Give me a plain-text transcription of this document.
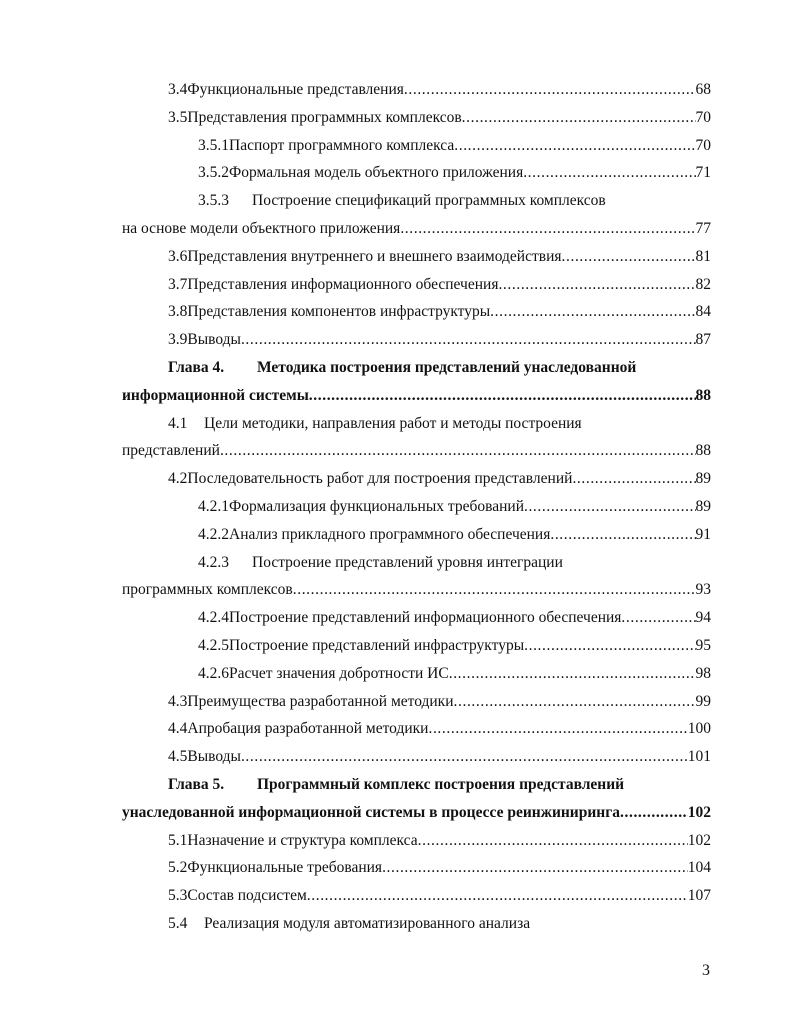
3.4 Функциональные представления .....	68
3.5 Представления программных комплексов .....	70
3.5.1 Паспорт программного комплекса .....	70
3.5.2 Формальная модель объектного приложения .....	71
3.5.3	Построение спецификаций программных комплексов
на основе модели объектного приложения .....	77
3.6 Представления внутреннего и внешнего взаимодействия .....	81
3.7 Представления информационного обеспечения .....	82
3.8 Представления компонентов инфраструктуры .....	84
3.9 Выводы .....	87
Глава 4.	Методика построения представлений унаследованной
информационной системы .....	88
4.1	Цели методики, направления работ и методы построения
представлений .....	88
4.2 Последовательность работ для построения представлений .....	89
4.2.1 Формализация функциональных требований .....	89
4.2.2 Анализ прикладного программного обеспечения .....	91
4.2.3	Построение представлений уровня интеграции
программных комплексов .....	93
4.2.4 Построение представлений информационного обеспечения .....	94
4.2.5 Построение представлений инфраструктуры .....	95
4.2.6 Расчет значения добротности ИС .....	98
4.3 Преимущества разработанной методики .....	99
4.4 Апробация разработанной методики .....	100
4.5 Выводы .....	101
Глава 5.	Программный комплекс построения представлений
унаследованной информационной системы в процессе реинжиниринга .....	102
5.1 Назначение и структура комплекса .....	102
5.2 Функциональные требования .....	104
5.3 Состав подсистем .....	107
5.4	Реализация модуля автоматизированного анализа
3
